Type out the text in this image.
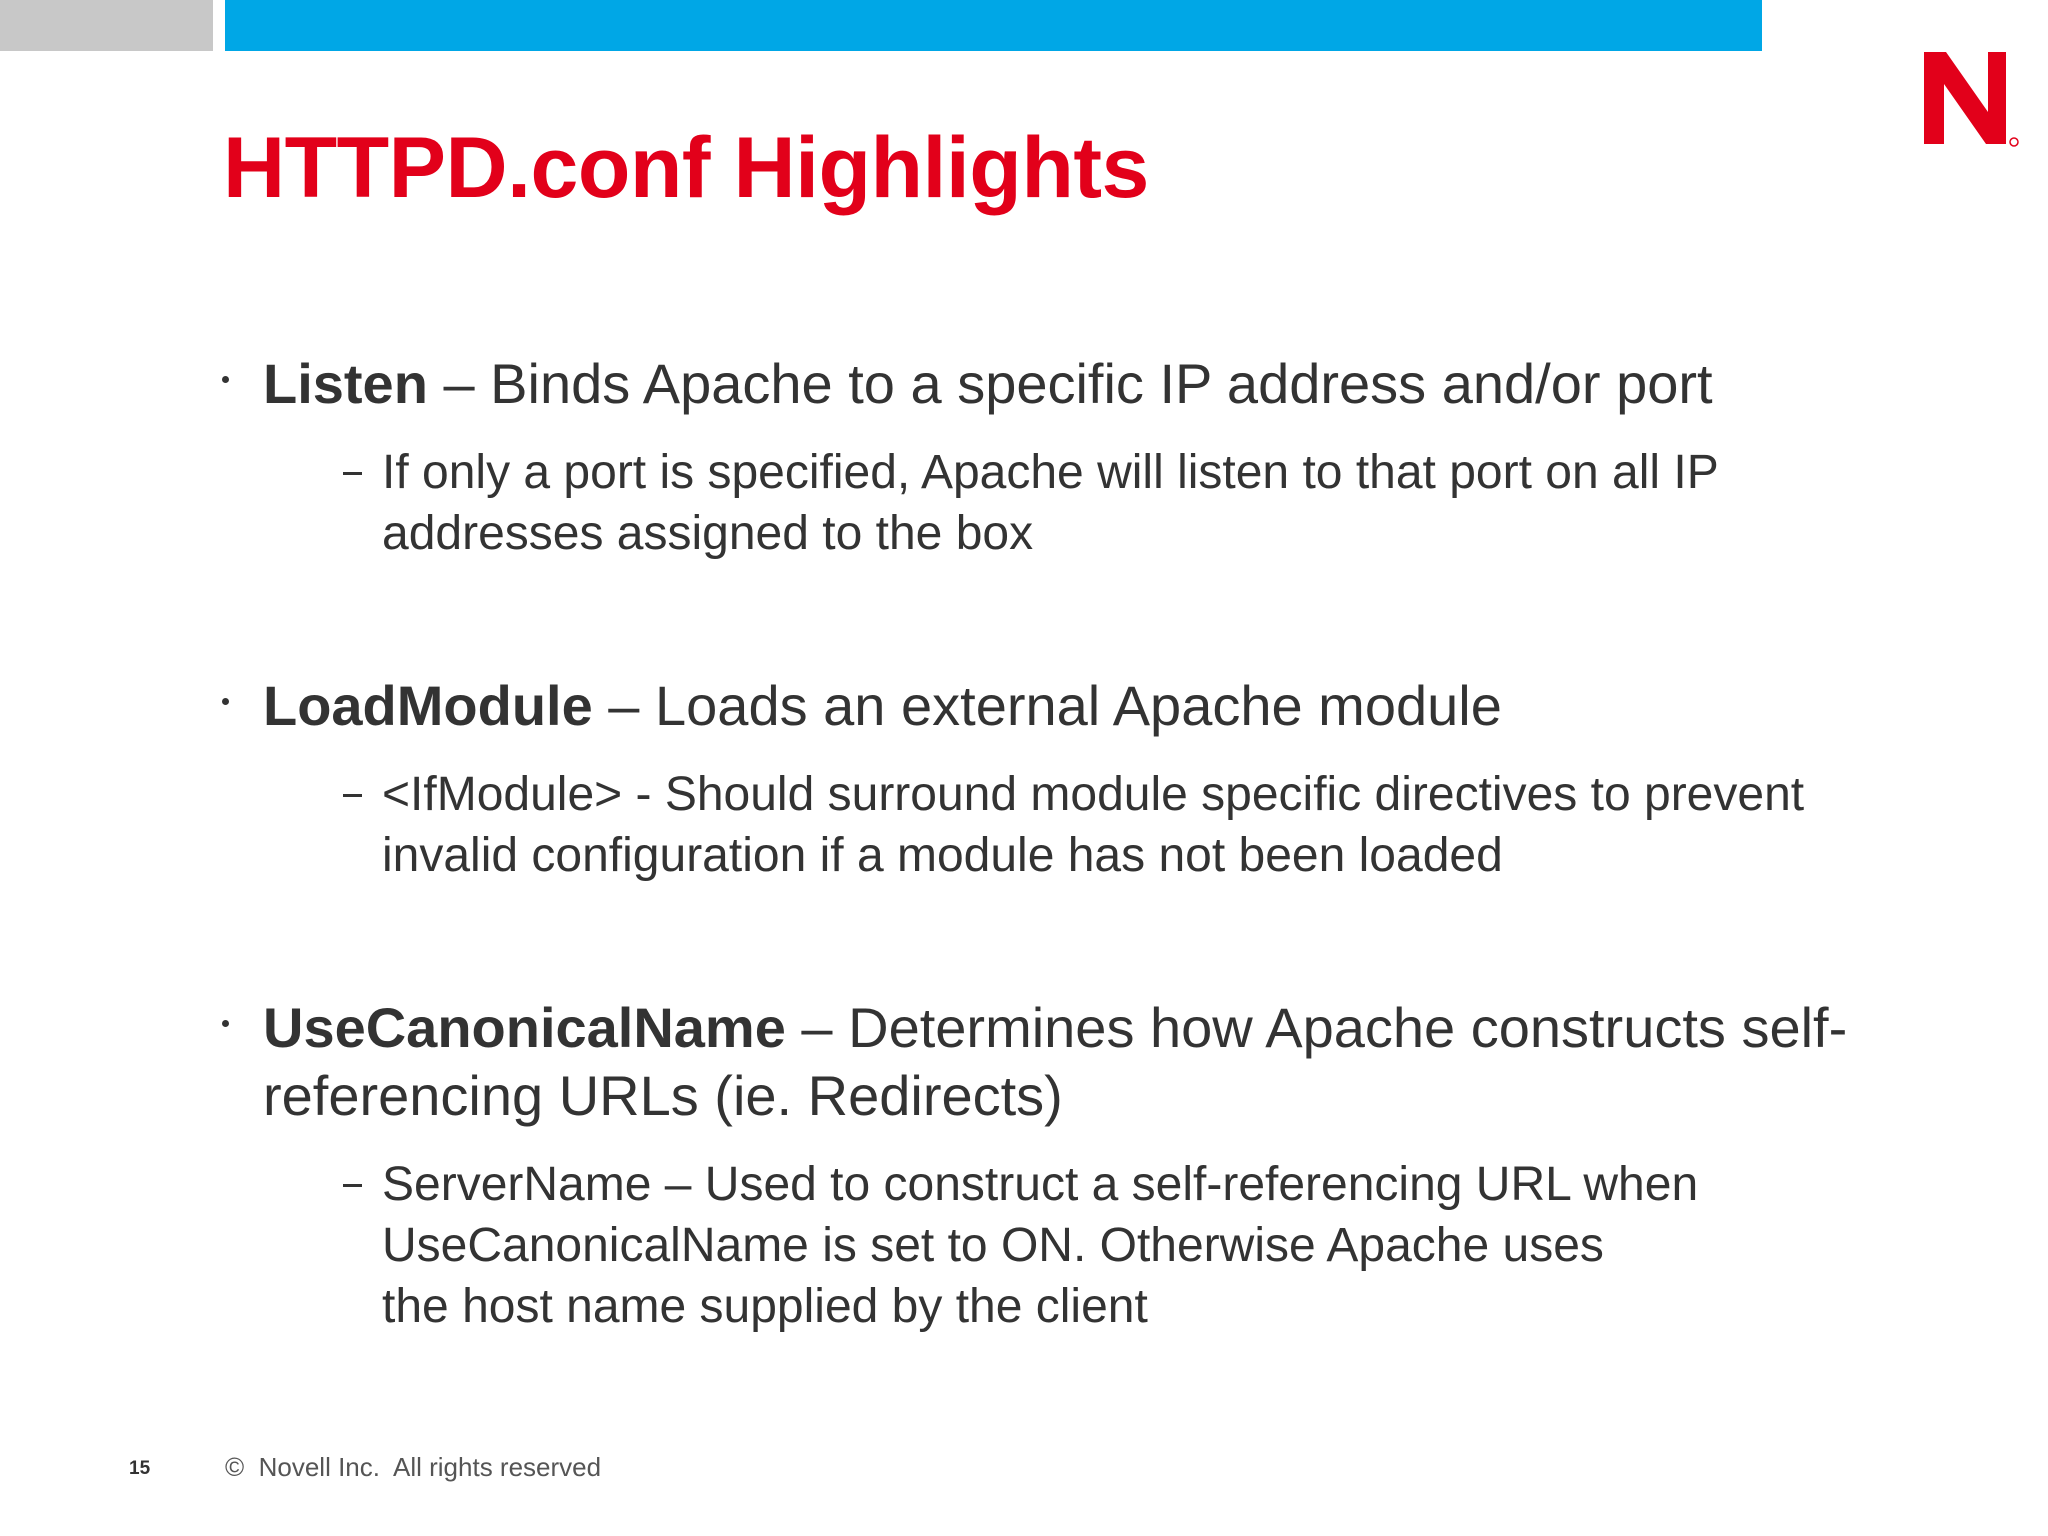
HTTPD.conf Highlights
Listen – Binds Apache to a specific IP address and/or port
If only a port is specified, Apache will listen to that port on all IP
addresses assigned to the box
LoadModule – Loads an external Apache module
<IfModule> - Should surround module specific directives to prevent
invalid configuration if a module has not been loaded
UseCanonicalName – Determines how Apache constructs self-referencing URLs (ie. Redirects)
ServerName – Used to construct a self-referencing URL when
UseCanonicalName is set to ON. Otherwise Apache uses
the host name supplied by the client
15	©  Novell Inc.  All rights reserved
